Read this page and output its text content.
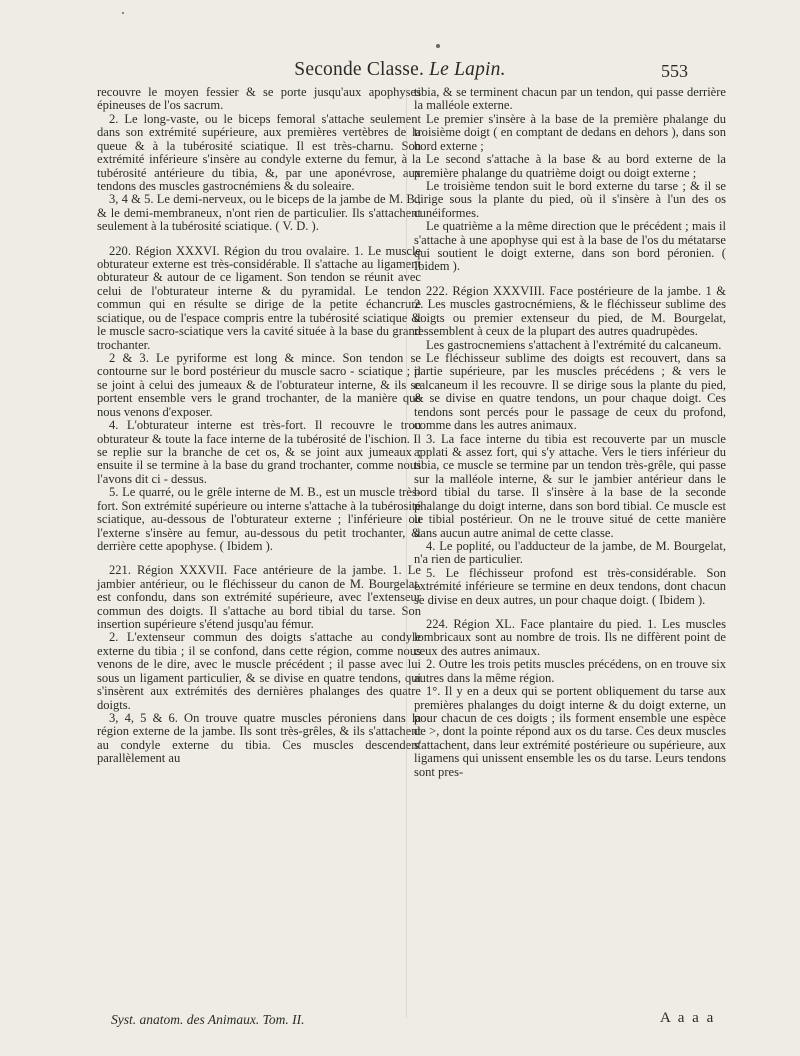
Seconde Classe. Le Lapin.	553

recouvre le moyen fessier & se porte jusqu'aux apophyses épineuses de l'os sacrum.

2. Le long-vaste, ou le biceps femoral s'attache seulement dans son extrémité supérieure, aux premières vertèbres de la queue & à la tubérosité sciatique. Il est très-charnu. Son extrémité inférieure s'insère au condyle externe du femur, à la tubérosité antérieure du tibia, &, par une aponévrose, aux tendons des muscles gastrocnémiens & du soleaire.

3, 4 & 5. Le demi-nerveux, ou le biceps de la jambe de M. B., & le demi-membraneux, n'ont rien de particulier. Ils s'attachent seulement à la tubérosité sciatique. ( V. D. ).

220. Région XXXVI. Région du trou ovalaire. 1. Le muscle obturateur externe est très-considérable. Il s'attache au ligament obturateur & autour de ce ligament. Son tendon se réunit avec celui de l'obturateur interne & du pyramidal. Le tendon commun qui en résulte se dirige de la petite échancrure sciatique, ou de l'espace compris entre la tubérosité sciatique & le muscle sacro-sciatique vers la cavité située à la base du grand trochanter.

2 & 3. Le pyriforme est long & mince. Son tendon se contourne sur le bord postérieur du muscle sacro - sciatique ; il se joint à celui des jumeaux & de l'obturateur interne, & ils se portent ensemble vers le grand trochanter, de la manière que nous venons d'exposer.

4. L'obturateur interne est très-fort. Il recouvre le trou obturateur & toute la face interne de la tubérosité de l'ischion. Il se replie sur la branche de cet os, & se joint aux jumeaux ; ensuite il se termine à la base du grand trochanter, comme nous l'avons dit ci - dessus.

5. Le quarré, ou le grêle interne de M. B., est un muscle très-fort. Son extrémité supérieure ou interne s'attache à la tubérosité sciatique, au-dessous de l'obturateur externe ; l'inférieure ou l'externe s'insère au femur, au-dessous du petit trochanter, & derrière cette apophyse. ( Ibidem ).

221. Région XXXVII. Face antérieure de la jambe. 1. Le jambier antérieur, ou le fléchisseur du canon de M. Bourgelat, est confondu, dans son extrémité supérieure, avec l'extenseur commun des doigts. Il s'attache au bord tibial du tarse. Son insertion supérieure s'étend jusqu'au fémur.

2. L'extenseur commun des doigts s'attache au condyle externe du tibia ; il se confond, dans cette région, comme nous venons de le dire, avec le muscle précédent ; il passe avec lui sous un ligament particulier, & se divise en quatre tendons, qui s'insèrent aux extrémités des dernières phalanges des quatre doigts.

3, 4, 5 & 6. On trouve quatre muscles péroniens dans la région externe de la jambe. Ils sont très-grêles, & ils s'attachent au condyle externe du tibia. Ces muscles descendent parallèlement au

tibia, & se terminent chacun par un tendon, qui passe derrière la malléole externe.

Le premier s'insère à la base de la première phalange du troisième doigt ( en comptant de dedans en dehors ), dans son bord externe ;

Le second s'attache à la base & au bord externe de la première phalange du quatrième doigt ou doigt externe ;

Le troisième tendon suit le bord externe du tarse ; & il se dirige sous la plante du pied, où il s'insère à l'un des os cunéiformes.

Le quatrième a la même direction que le précédent ; mais il s'attache à une apophyse qui est à la base de l'os du métatarse qui soutient le doigt externe, dans son bord péronien. ( Ibidem ).

222. Région XXXVIII. Face postérieure de la jambe. 1 & 2. Les muscles gastrocnémiens, & le fléchisseur sublime des doigts ou premier extenseur du pied, de M. Bourgelat, ressemblent à ceux de la plupart des autres quadrupèdes.

Les gastrocnemiens s'attachent à l'extrémité du calcaneum.

Le fléchisseur sublime des doigts est recouvert, dans sa partie supérieure, par les muscles précédens ; & vers le calcaneum il les recouvre. Il se dirige sous la plante du pied, & se divise en quatre tendons, un pour chaque doigt. Ces tendons sont percés pour le passage de ceux du profond, comme dans les autres animaux.

3. La face interne du tibia est recouverte par un muscle applati & assez fort, qui s'y attache. Vers le tiers inférieur du tibia, ce muscle se termine par un tendon très-grêle, qui passe sur la malléole interne, & sur le jambier antérieur dans le bord tibial du tarse. Il s'insère à la base de la seconde phalange du doigt interne, dans son bord tibial. Ce muscle est le tibial postérieur. On ne le trouve situé de cette manière dans aucun autre animal de cette classe.

4. Le poplité, ou l'adducteur de la jambe, de M. Bourgelat, n'a rien de particulier.

5. Le fléchisseur profond est très-considérable. Son extrémité inférieure se termine en deux tendons, dont chacun se divise en deux autres, un pour chaque doigt. ( Ibidem ).

224. Région XL. Face plantaire du pied. 1. Les muscles lombricaux sont au nombre de trois. Ils ne diffèrent point de ceux des autres animaux.

2. Outre les trois petits muscles précédens, on en trouve six autres dans la même région.

1°. Il y en a deux qui se portent obliquement du tarse aux premières phalanges du doigt interne & du doigt externe, un pour chacun de ces doigts ; ils forment ensemble une espèce de >, dont la pointe répond aux os du tarse. Ces deux muscles s'attachent, dans leur extrémité postérieure ou supérieure, aux ligamens qui unissent ensemble les os du tarse. Leurs tendons sont pres-

Syst. anatom. des Animaux. Tom. II.	A a a a
